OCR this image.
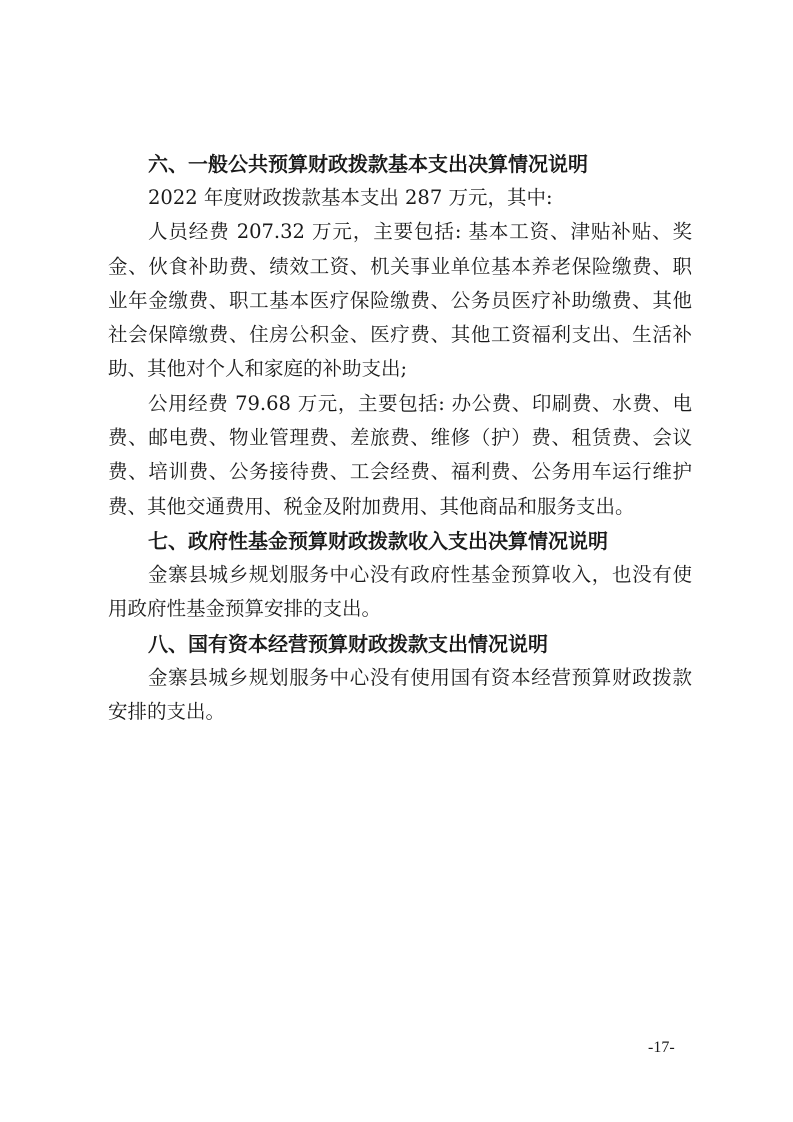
六、一般公共预算财政拨款基本支出决算情况说明

2022 年度财政拨款基本支出 287 万元，其中:

人员经费 207.32 万元，主要包括: 基本工资、津贴补贴、奖金、伙食补助费、绩效工资、机关事业单位基本养老保险缴费、职业年金缴费、职工基本医疗保险缴费、公务员医疗补助缴费、其他社会保障缴费、住房公积金、医疗费、其他工资福利支出、生活补助、其他对个人和家庭的补助支出;

公用经费 79.68 万元，主要包括: 办公费、印刷费、水费、电费、邮电费、物业管理费、差旅费、维修（护）费、租赁费、会议费、培训费、公务接待费、工会经费、福利费、公务用车运行维护费、其他交通费用、税金及附加费用、其他商品和服务支出。

七、政府性基金预算财政拨款收入支出决算情况说明

金寨县城乡规划服务中心没有政府性基金预算收入，也没有使用政府性基金预算安排的支出。

八、国有资本经营预算财政拨款支出情况说明

金寨县城乡规划服务中心没有使用国有资本经营预算财政拨款安排的支出。

-17-
